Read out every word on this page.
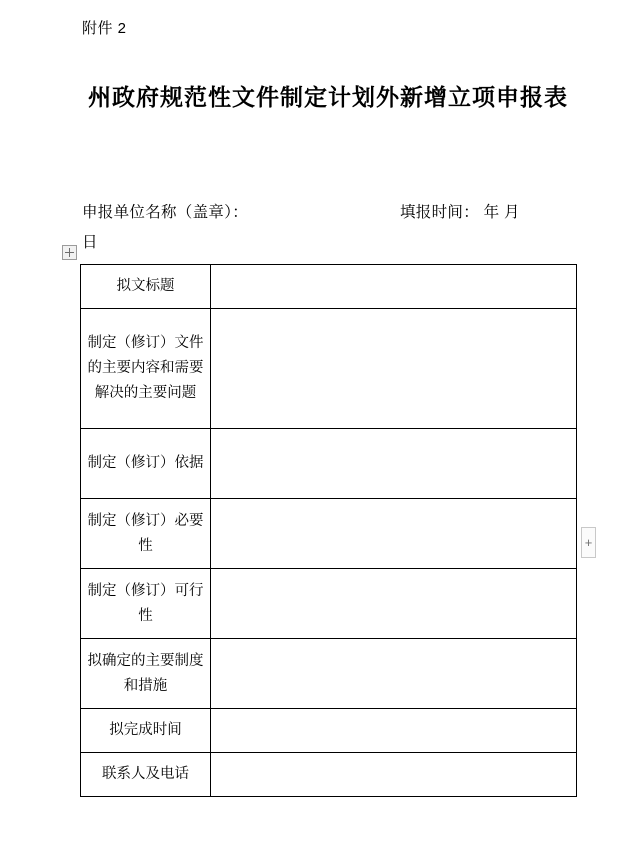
附件 2
州政府规范性文件制定计划外新增立项申报表
申报单位名称（盖章）：	填报时间： 年 月
日
拟文标题	
制定（修订）文件的主要内容和需要解决的主要问题	
制定（修订）依据	
制定（修订）必要性	
制定（修订）可行性	
拟确定的主要制度和措施	
拟完成时间	
联系人及电话	
+
